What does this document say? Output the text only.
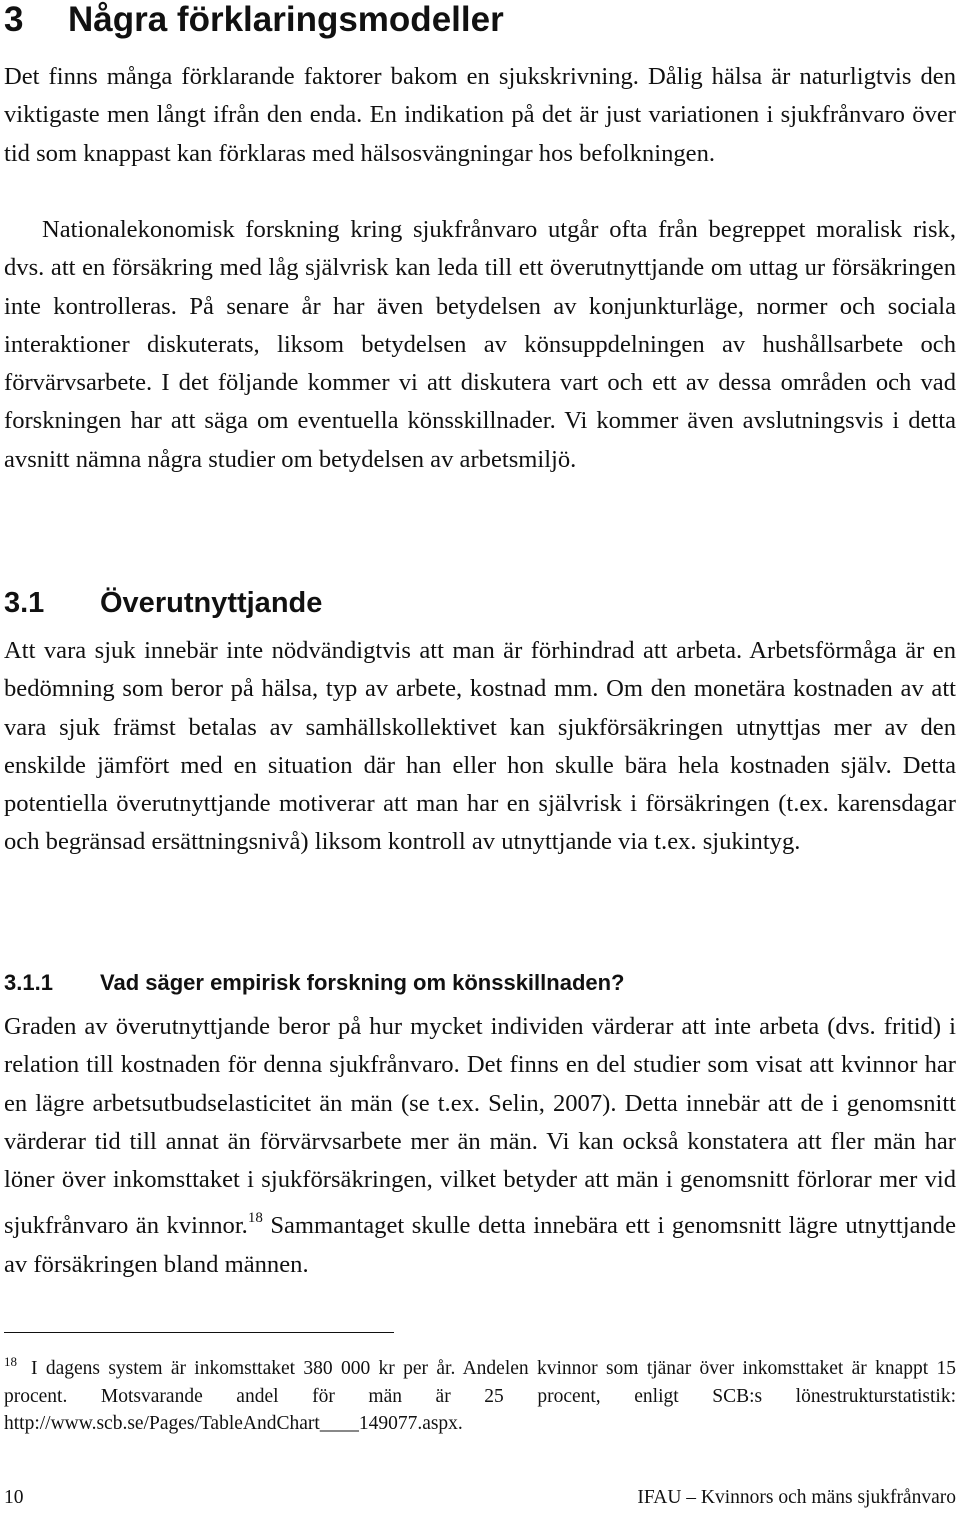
3 Några förklaringsmodeller
Det finns många förklarande faktorer bakom en sjukskrivning. Dålig hälsa är naturligtvis den viktigaste men långt ifrån den enda. En indikation på det är just variationen i sjukfrånvaro över tid som knappast kan förklaras med hälsosvängningar hos befolkningen.
Nationalekonomisk forskning kring sjukfrånvaro utgår ofta från begreppet moralisk risk, dvs. att en försäkring med låg självrisk kan leda till ett överutnyttjande om uttag ur försäkringen inte kontrolleras. På senare år har även betydelsen av konjunkturläge, normer och sociala interaktioner diskuterats, liksom betydelsen av könsuppdelningen av hushållsarbete och förvärvsarbete. I det följande kommer vi att diskutera vart och ett av dessa områden och vad forskningen har att säga om eventuella könsskillnader. Vi kommer även avslutningsvis i detta avsnitt nämna några studier om betydelsen av arbetsmiljö.
3.1 Överutnyttjande
Att vara sjuk innebär inte nödvändigtvis att man är förhindrad att arbeta. Arbetsförmåga är en bedömning som beror på hälsa, typ av arbete, kostnad mm. Om den monetära kostnaden av att vara sjuk främst betalas av samhällskollektivet kan sjukförsäkringen utnyttjas mer av den enskilde jämfört med en situation där han eller hon skulle bära hela kostnaden själv. Detta potentiella överutnyttjande motiverar att man har en självrisk i försäkringen (t.ex. karensdagar och begränsad ersättningsnivå) liksom kontroll av utnyttjande via t.ex. sjukintyg.
3.1.1 Vad säger empirisk forskning om könsskillnaden?
Graden av överutnyttjande beror på hur mycket individen värderar att inte arbeta (dvs. fritid) i relation till kostnaden för denna sjukfrånvaro. Det finns en del studier som visat att kvinnor har en lägre arbetsutbudselasticitet än män (se t.ex. Selin, 2007). Detta innebär att de i genomsnitt värderar tid till annat än förvärvsarbete mer än män. Vi kan också konstatera att fler män har löner över inkomsttaket i sjukförsäkringen, vilket betyder att män i genomsnitt förlorar mer vid sjukfrånvaro än kvinnor.$^{18}$ Sammantaget skulle detta innebära ett i genomsnitt lägre utnyttjande av försäkringen bland männen.
$^{18}$ I dagens system är inkomsttaket 380 000 kr per år. Andelen kvinnor som tjänar över inkomsttaket är knappt 15 procent. Motsvarande andel för män är 25 procent, enligt SCB:s lönestrukturstatistik: http://www.scb.se/Pages/TableAndChart____149077.aspx.
10	IFAU – Kvinnors och mäns sjukfrånvaro
